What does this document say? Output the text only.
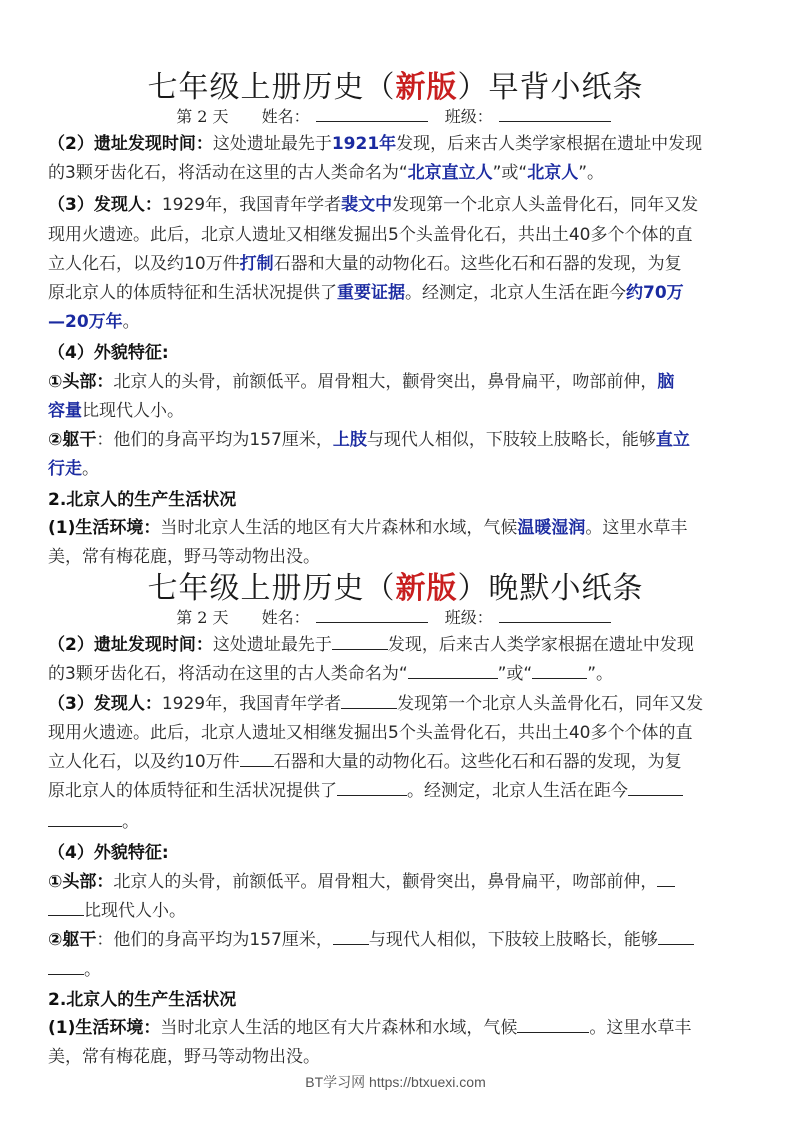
七年级上册历史（新版）早背小纸条
第 2 天 姓名：	班级：
（2）遗址发现时间：这处遗址最先于1921年发现，后来古人类学家根据在遗址中发现
的3颗牙齿化石，将活动在这里的古人类命名为“北京直立人”或“北京人”。
（3）发现人：1929年，我国青年学者裴文中发现第一个北京人头盖骨化石，同年又发
现用火遗迹。此后，北京人遗址又相继发掘出5个头盖骨化石，共出土40多个个体的直
立人化石，以及约10万件打制石器和大量的动物化石。这些化石和石器的发现，为复
原北京人的体质特征和生活状况提供了重要证据。经测定，北京人生活在距今约70万
—20万年。
（4）外貌特征:
①头部：北京人的头骨，前额低平。眉骨粗大，颧骨突出，鼻骨扁平，吻部前伸，脑
容量比现代人小。
②躯干：他们的身高平均为157厘米，上肢与现代人相似，下肢较上肢略长，能够直立
行走。
2.北京人的生产生活状况
(1)生活环境：当时北京人生活的地区有大片森林和水域，气候温暖湿润。这里水草丰
美，常有梅花鹿，野马等动物出没。
七年级上册历史（新版）晚默小纸条
第 2 天 姓名：	班级：
（2）遗址发现时间：这处遗址最先于	发现，后来古人类学家根据在遗址中发现
的3颗牙齿化石，将活动在这里的古人类命名为“	”或“	”。
（3）发现人：1929年，我国青年学者	发现第一个北京人头盖骨化石，同年又发
现用火遗迹。此后，北京人遗址又相继发掘出5个头盖骨化石，共出土40多个个体的直
立人化石，以及约10万件 石器和大量的动物化石。这些化石和石器的发现，为复
原北京人的体质特征和生活状况提供了	。经测定，北京人生活在距今
。
（4）外貌特征:
①头部：北京人的头骨，前额低平。眉骨粗大，颧骨突出，鼻骨扁平，吻部前伸，
比现代人小。
②躯干：他们的身高平均为157厘米， 与现代人相似，下肢较上肢略长，能够
。
2.北京人的生产生活状况
(1)生活环境：当时北京人生活的地区有大片森林和水域，气候	。这里水草丰
美，常有梅花鹿，野马等动物出没。
BT学习网 https://btxuexi.com
